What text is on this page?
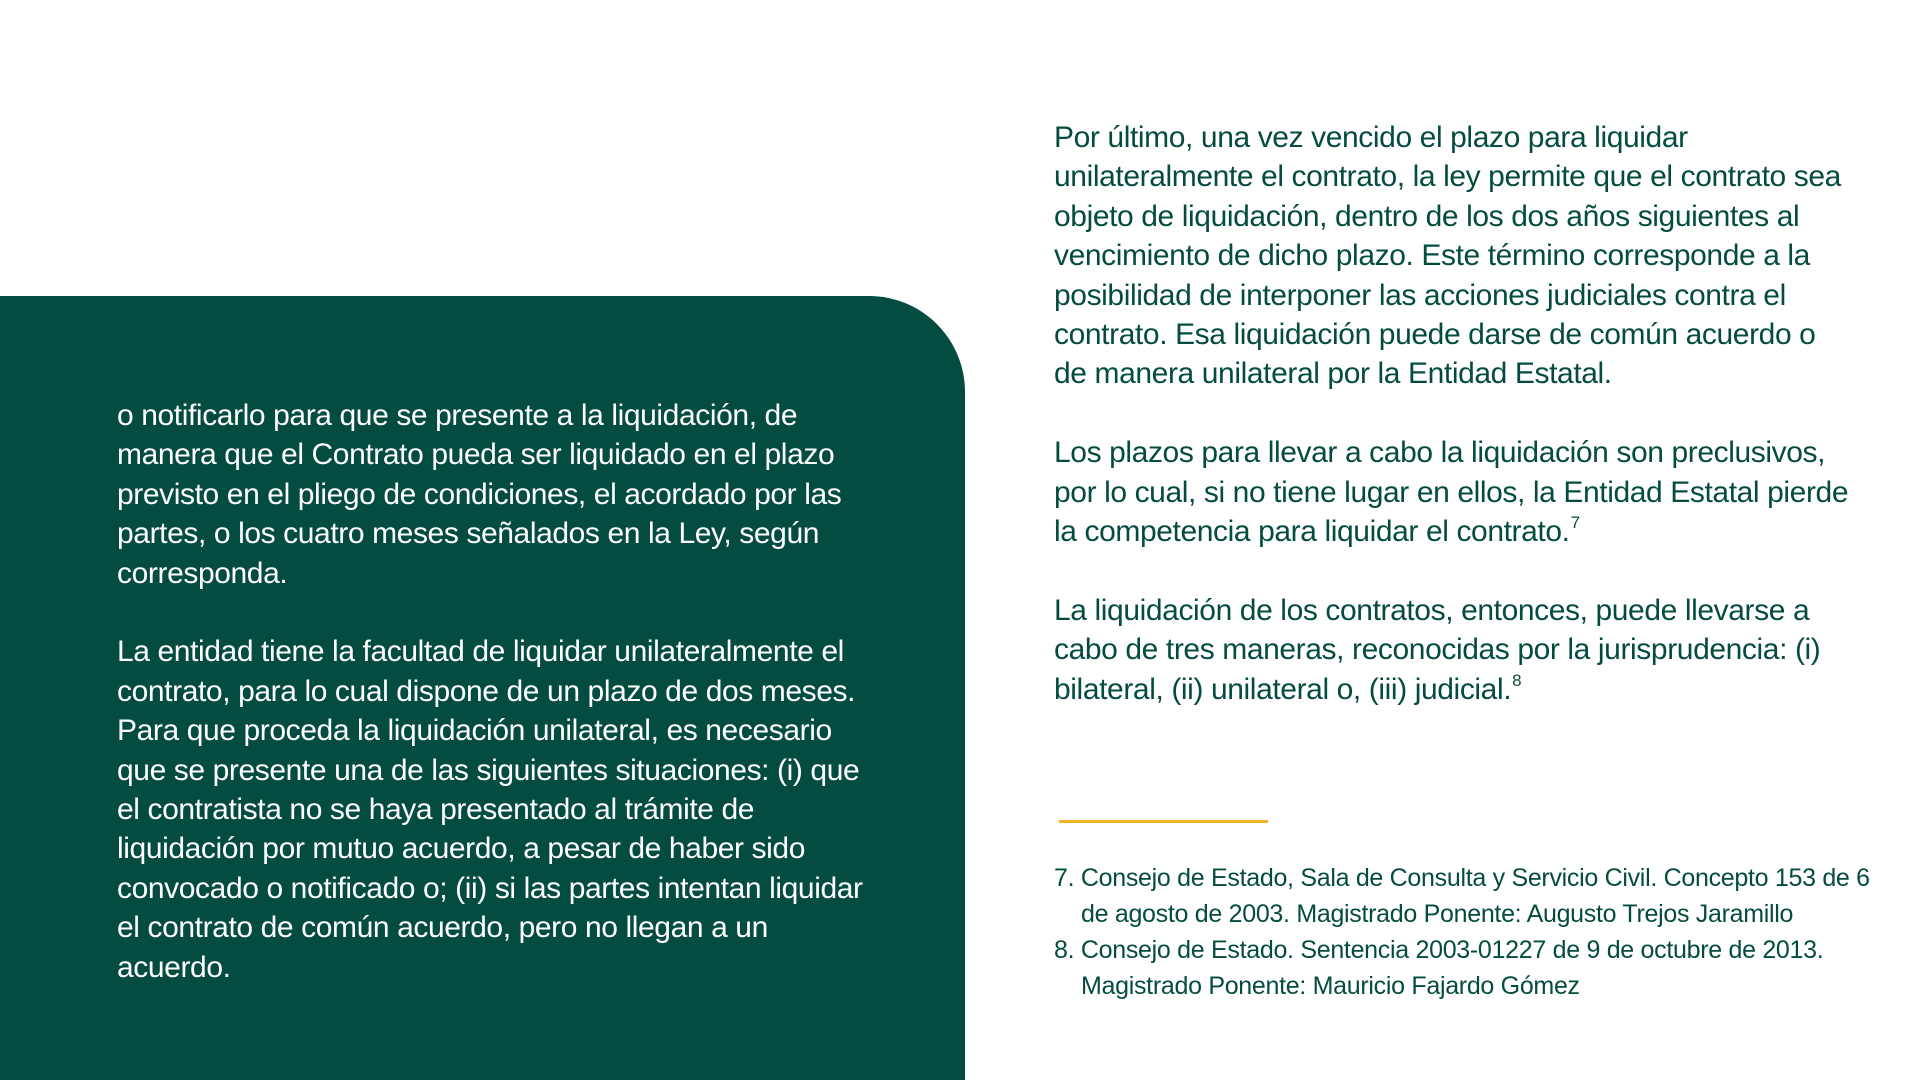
o notificarlo para que se presente a la liquidación, de manera que el Contrato pueda ser liquidado en el plazo previsto en el pliego de condiciones, el acordado por las partes, o los cuatro meses señalados en la Ley, según corresponda.

La entidad tiene la facultad de liquidar unilateralmente el contrato, para lo cual dispone de un plazo de dos meses. Para que proceda la liquidación unilateral, es necesario que se presente una de las siguientes situaciones: (i) que el contratista no se haya presentado al trámite de liquidación por mutuo acuerdo, a pesar de haber sido convocado o notificado o; (ii) si las partes intentan liquidar el contrato de común acuerdo, pero no llegan a un acuerdo.

Por último, una vez vencido el plazo para liquidar unilateralmente el contrato, la ley permite que el contrato sea objeto de liquidación, dentro de los dos años siguientes al vencimiento de dicho plazo. Este término corresponde a la posibilidad de interponer las acciones judiciales contra el contrato. Esa liquidación puede darse de común acuerdo o de manera unilateral por la Entidad Estatal.

Los plazos para llevar a cabo la liquidación son preclusivos, por lo cual, si no tiene lugar en ellos, la Entidad Estatal pierde la competencia para liquidar el contrato.$^7$

La liquidación de los contratos, entonces, puede llevarse a cabo de tres maneras, reconocidas por la jurisprudencia: (i) bilateral, (ii) unilateral o, (iii) judicial.$^8$

7. Consejo de Estado, Sala de Consulta y Servicio Civil. Concepto 153 de 6 de agosto de 2003. Magistrado Ponente: Augusto Trejos Jaramillo

8. Consejo de Estado. Sentencia 2003-01227 de 9 de octubre de 2013. Magistrado Ponente: Mauricio Fajardo Gómez
